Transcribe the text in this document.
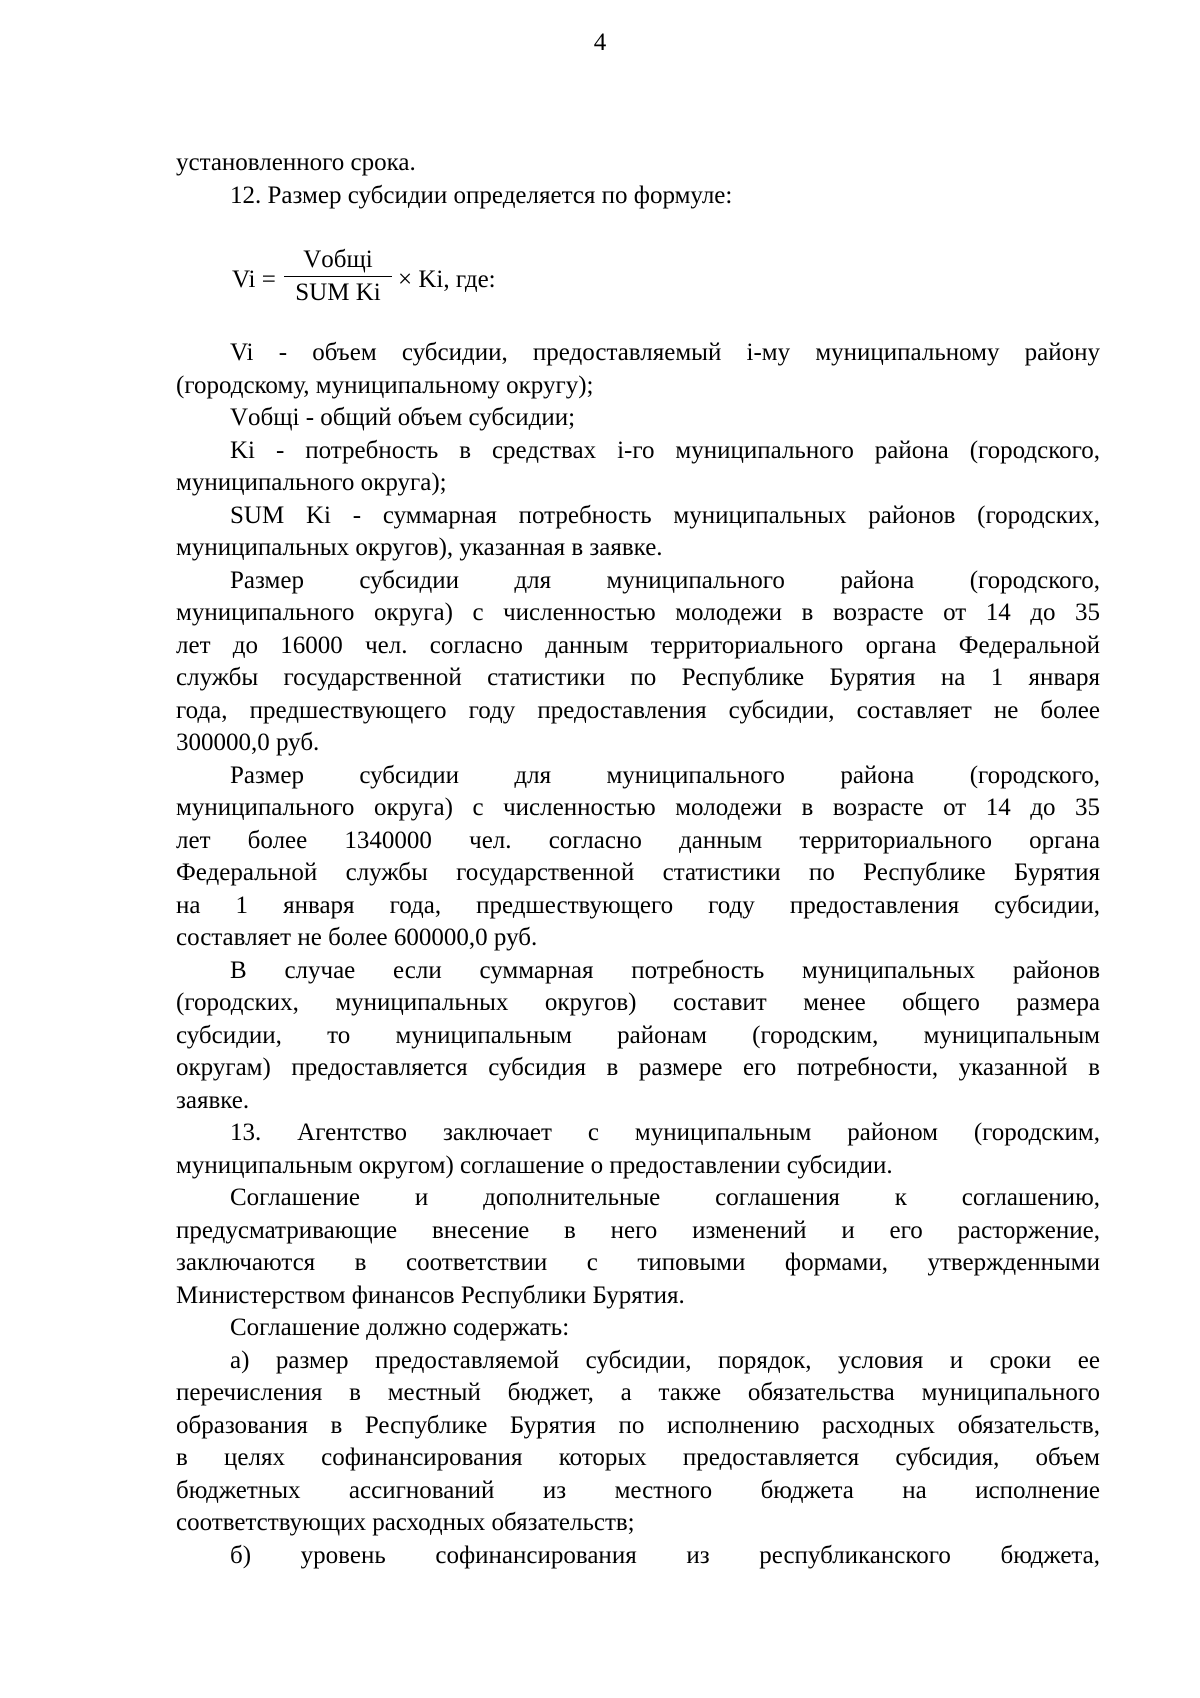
4
установленного срока.
12. Размер субсидии определяется по формуле:
Vi =
Vобщi
SUM Ki × Ki, где:
Vi - объем субсидии, предоставляемый i-му муниципальному району
(городскому, муниципальному округу);
Vобщi - общий объем субсидии;
Ki - потребность в средствах i-го муниципального района (городского,
муниципального округа);
SUM Ki - суммарная потребность муниципальных районов (городских,
муниципальных округов), указанная в заявке.
Размер субсидии для муниципального района (городского,
муниципального округа) с численностью молодежи в возрасте от 14 до 35
лет до 16000 чел. согласно данным территориального органа Федеральной
службы государственной статистики по Республике Бурятия на 1 января
года, предшествующего году предоставления субсидии, составляет не более
300000,0 руб.
Размер субсидии для муниципального района (городского,
муниципального округа) с численностью молодежи в возрасте от 14 до 35
лет более 1340000 чел. согласно данным территориального органа
Федеральной службы государственной статистики по Республике Бурятия
на 1 января года, предшествующего году предоставления субсидии,
составляет не более 600000,0 руб.
В случае если суммарная потребность муниципальных районов
(городских, муниципальных округов) составит менее общего размера
субсидии, то муниципальным районам (городским, муниципальным
округам) предоставляется субсидия в размере его потребности, указанной в
заявке.
13. Агентство заключает с муниципальным районом (городским,
муниципальным округом) соглашение о предоставлении субсидии.
Соглашение и дополнительные соглашения к соглашению,
предусматривающие внесение в него изменений и его расторжение,
заключаются в соответствии с типовыми формами, утвержденными
Министерством финансов Республики Бурятия.
Соглашение должно содержать:
а) размер предоставляемой субсидии, порядок, условия и сроки ее
перечисления в местный бюджет, а также обязательства муниципального
образования в Республике Бурятия по исполнению расходных обязательств,
в целях софинансирования которых предоставляется субсидия, объем
бюджетных ассигнований из местного бюджета на исполнение
соответствующих расходных обязательств;
б) уровень софинансирования из республиканского бюджета,
